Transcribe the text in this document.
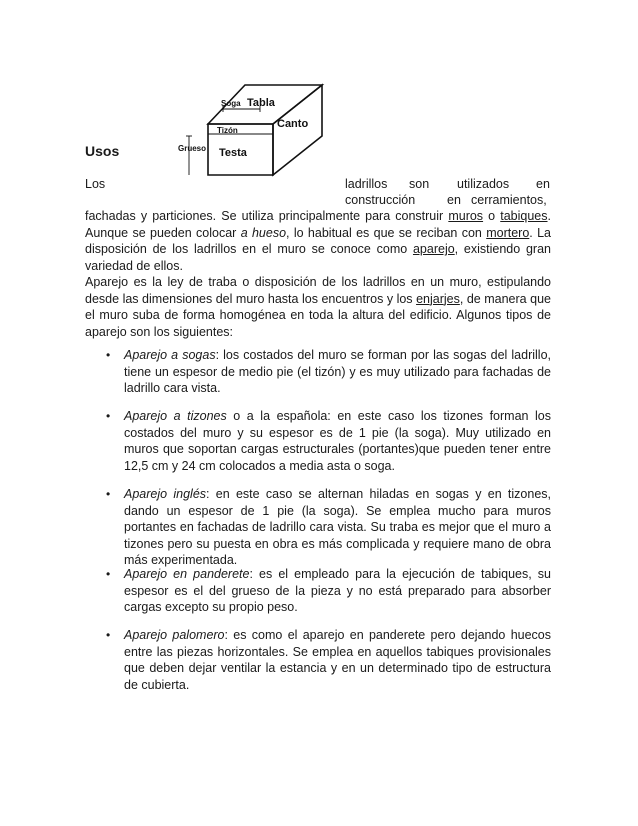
Soga Tabla
Canto
Tizón
Grueso Testa
Usos
Los	ladrillos son utilizados en
construcción	en cerramientos,

fachadas y particiones. Se utiliza principalmente para construir muros o tabiques. Aunque se pueden colocar a hueso, lo habitual es que se reciban con mortero. La disposición de los ladrillos en el muro se conoce como aparejo, existiendo gran variedad de ellos.

Aparejo es la ley de traba o disposición de los ladrillos en un muro, estipulando desde las dimensiones del muro hasta los encuentros y los enjarjes, de manera que el muro suba de forma homogénea en toda la altura del edificio. Algunos tipos de aparejo son los siguientes:

• Aparejo a sogas: los costados del muro se forman por las sogas del ladrillo, tiene un espesor de medio pie (el tizón) y es muy utilizado para fachadas de ladrillo cara vista.

• Aparejo a tizones o a la española: en este caso los tizones forman los costados del muro y su espesor es de 1 pie (la soga). Muy utilizado en muros que soportan cargas estructurales (portantes)que pueden tener entre 12,5 cm y 24 cm colocados a media asta o soga.

• Aparejo inglés: en este caso se alternan hiladas en sogas y en tizones, dando un espesor de 1 pie (la soga). Se emplea mucho para muros portantes en fachadas de ladrillo cara vista. Su traba es mejor que el muro a tizones pero su puesta en obra es más complicada y requiere mano de obra más experimentada.

• Aparejo en panderete: es el empleado para la ejecución de tabiques, su espesor es el del grueso de la pieza y no está preparado para absorber cargas excepto su propio peso.

• Aparejo palomero: es como el aparejo en panderete pero dejando huecos entre las piezas horizontales. Se emplea en aquellos tabiques provisionales que deben dejar ventilar la estancia y en un determinado tipo de estructura de cubierta.
